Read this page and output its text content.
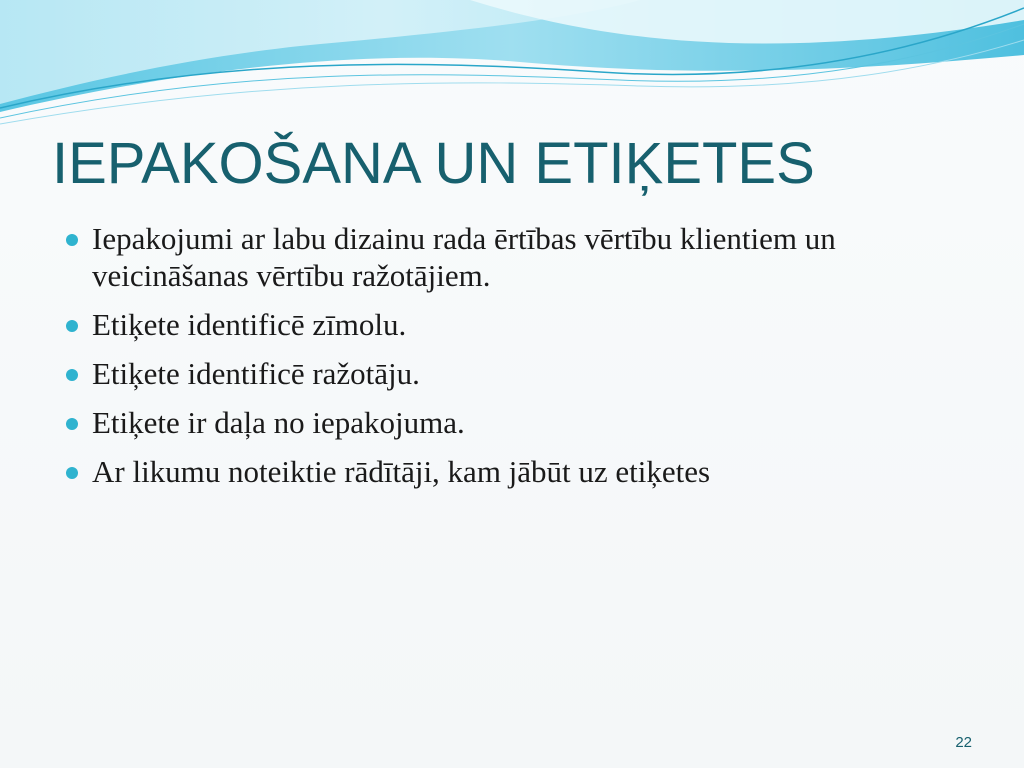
IEPAKOŠANA UN ETIĶETES
Iepakojumi ar labu dizainu rada ērtības vērtību klientiem un veicināšanas vērtību ražotājiem.
Etiķete identificē zīmolu.
Etiķete identificē ražotāju.
Etiķete ir daļa no iepakojuma.
Ar likumu noteiktie rādītāji, kam jābūt uz etiķetes
22
